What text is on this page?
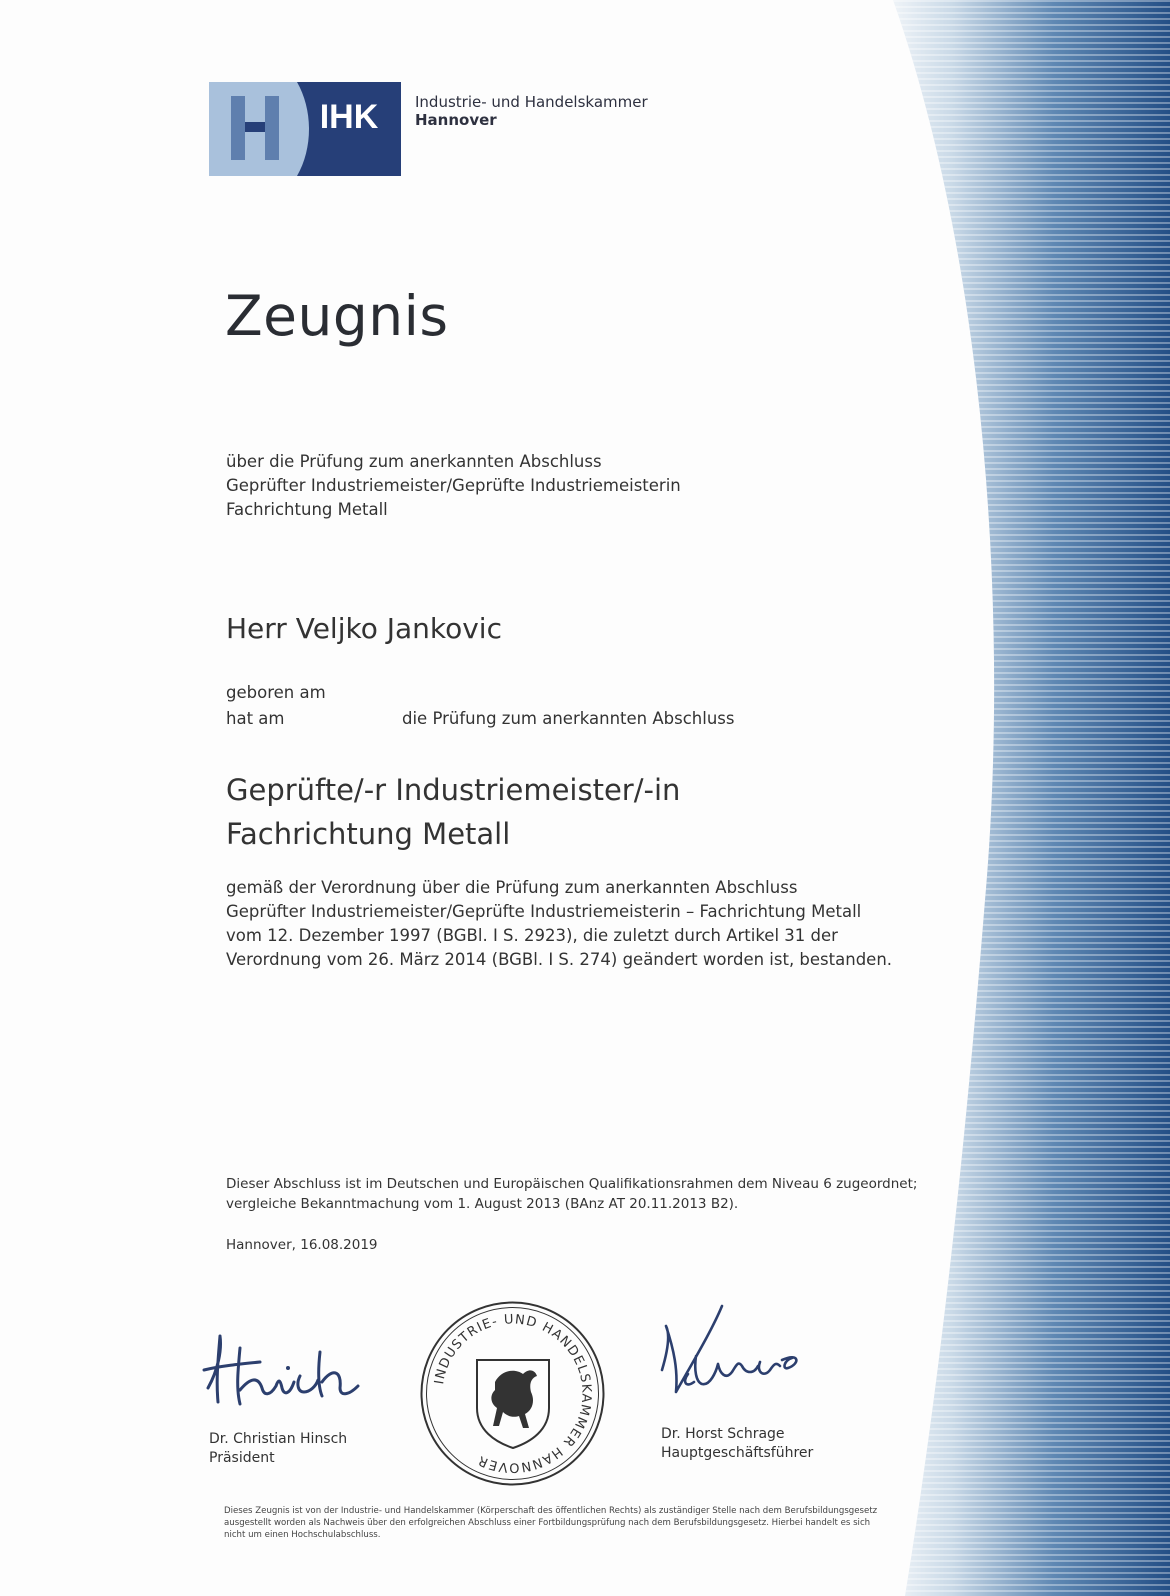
IHK Industrie- und Handelskammer
Hannover
Zeugnis
über die Prüfung zum anerkannten Abschluss
Geprüfter Industriemeister/Geprüfte Industriemeisterin
Fachrichtung Metall
Herr Veljko Jankovic
geboren am
hat am	die Prüfung zum anerkannten Abschluss
Geprüfte/-r Industriemeister/-in
Fachrichtung Metall
gemäß der Verordnung über die Prüfung zum anerkannten Abschluss
Geprüfter Industriemeister/Geprüfte Industriemeisterin – Fachrichtung Metall
vom 12. Dezember 1997 (BGBl. I S. 2923), die zuletzt durch Artikel 31 der
Verordnung vom 26. März 2014 (BGBl. I S. 274) geändert worden ist, bestanden.
Dieser Abschluss ist im Deutschen und Europäischen Qualifikationsrahmen dem Niveau 6 zugeordnet;
vergleiche Bekanntmachung vom 1. August 2013 (BAnz AT 20.11.2013 B2).
Hannover, 16.08.2019
Dr. Christian Hinsch
Präsident
Dr. Horst Schrage
Hauptgeschäftsführer
INDUSTRIE- UND HANDELSKAMMER HANNOVER
Dieses Zeugnis ist von der Industrie- und Handelskammer (Körperschaft des öffentlichen Rechts) als zuständiger Stelle nach dem Berufsbildungsgesetz ausgestellt worden als Nachweis über den erfolgreichen Abschluss einer Fortbildungsprüfung nach dem Berufsbildungsgesetz. Hierbei handelt es sich nicht um einen Hochschulabschluss.
